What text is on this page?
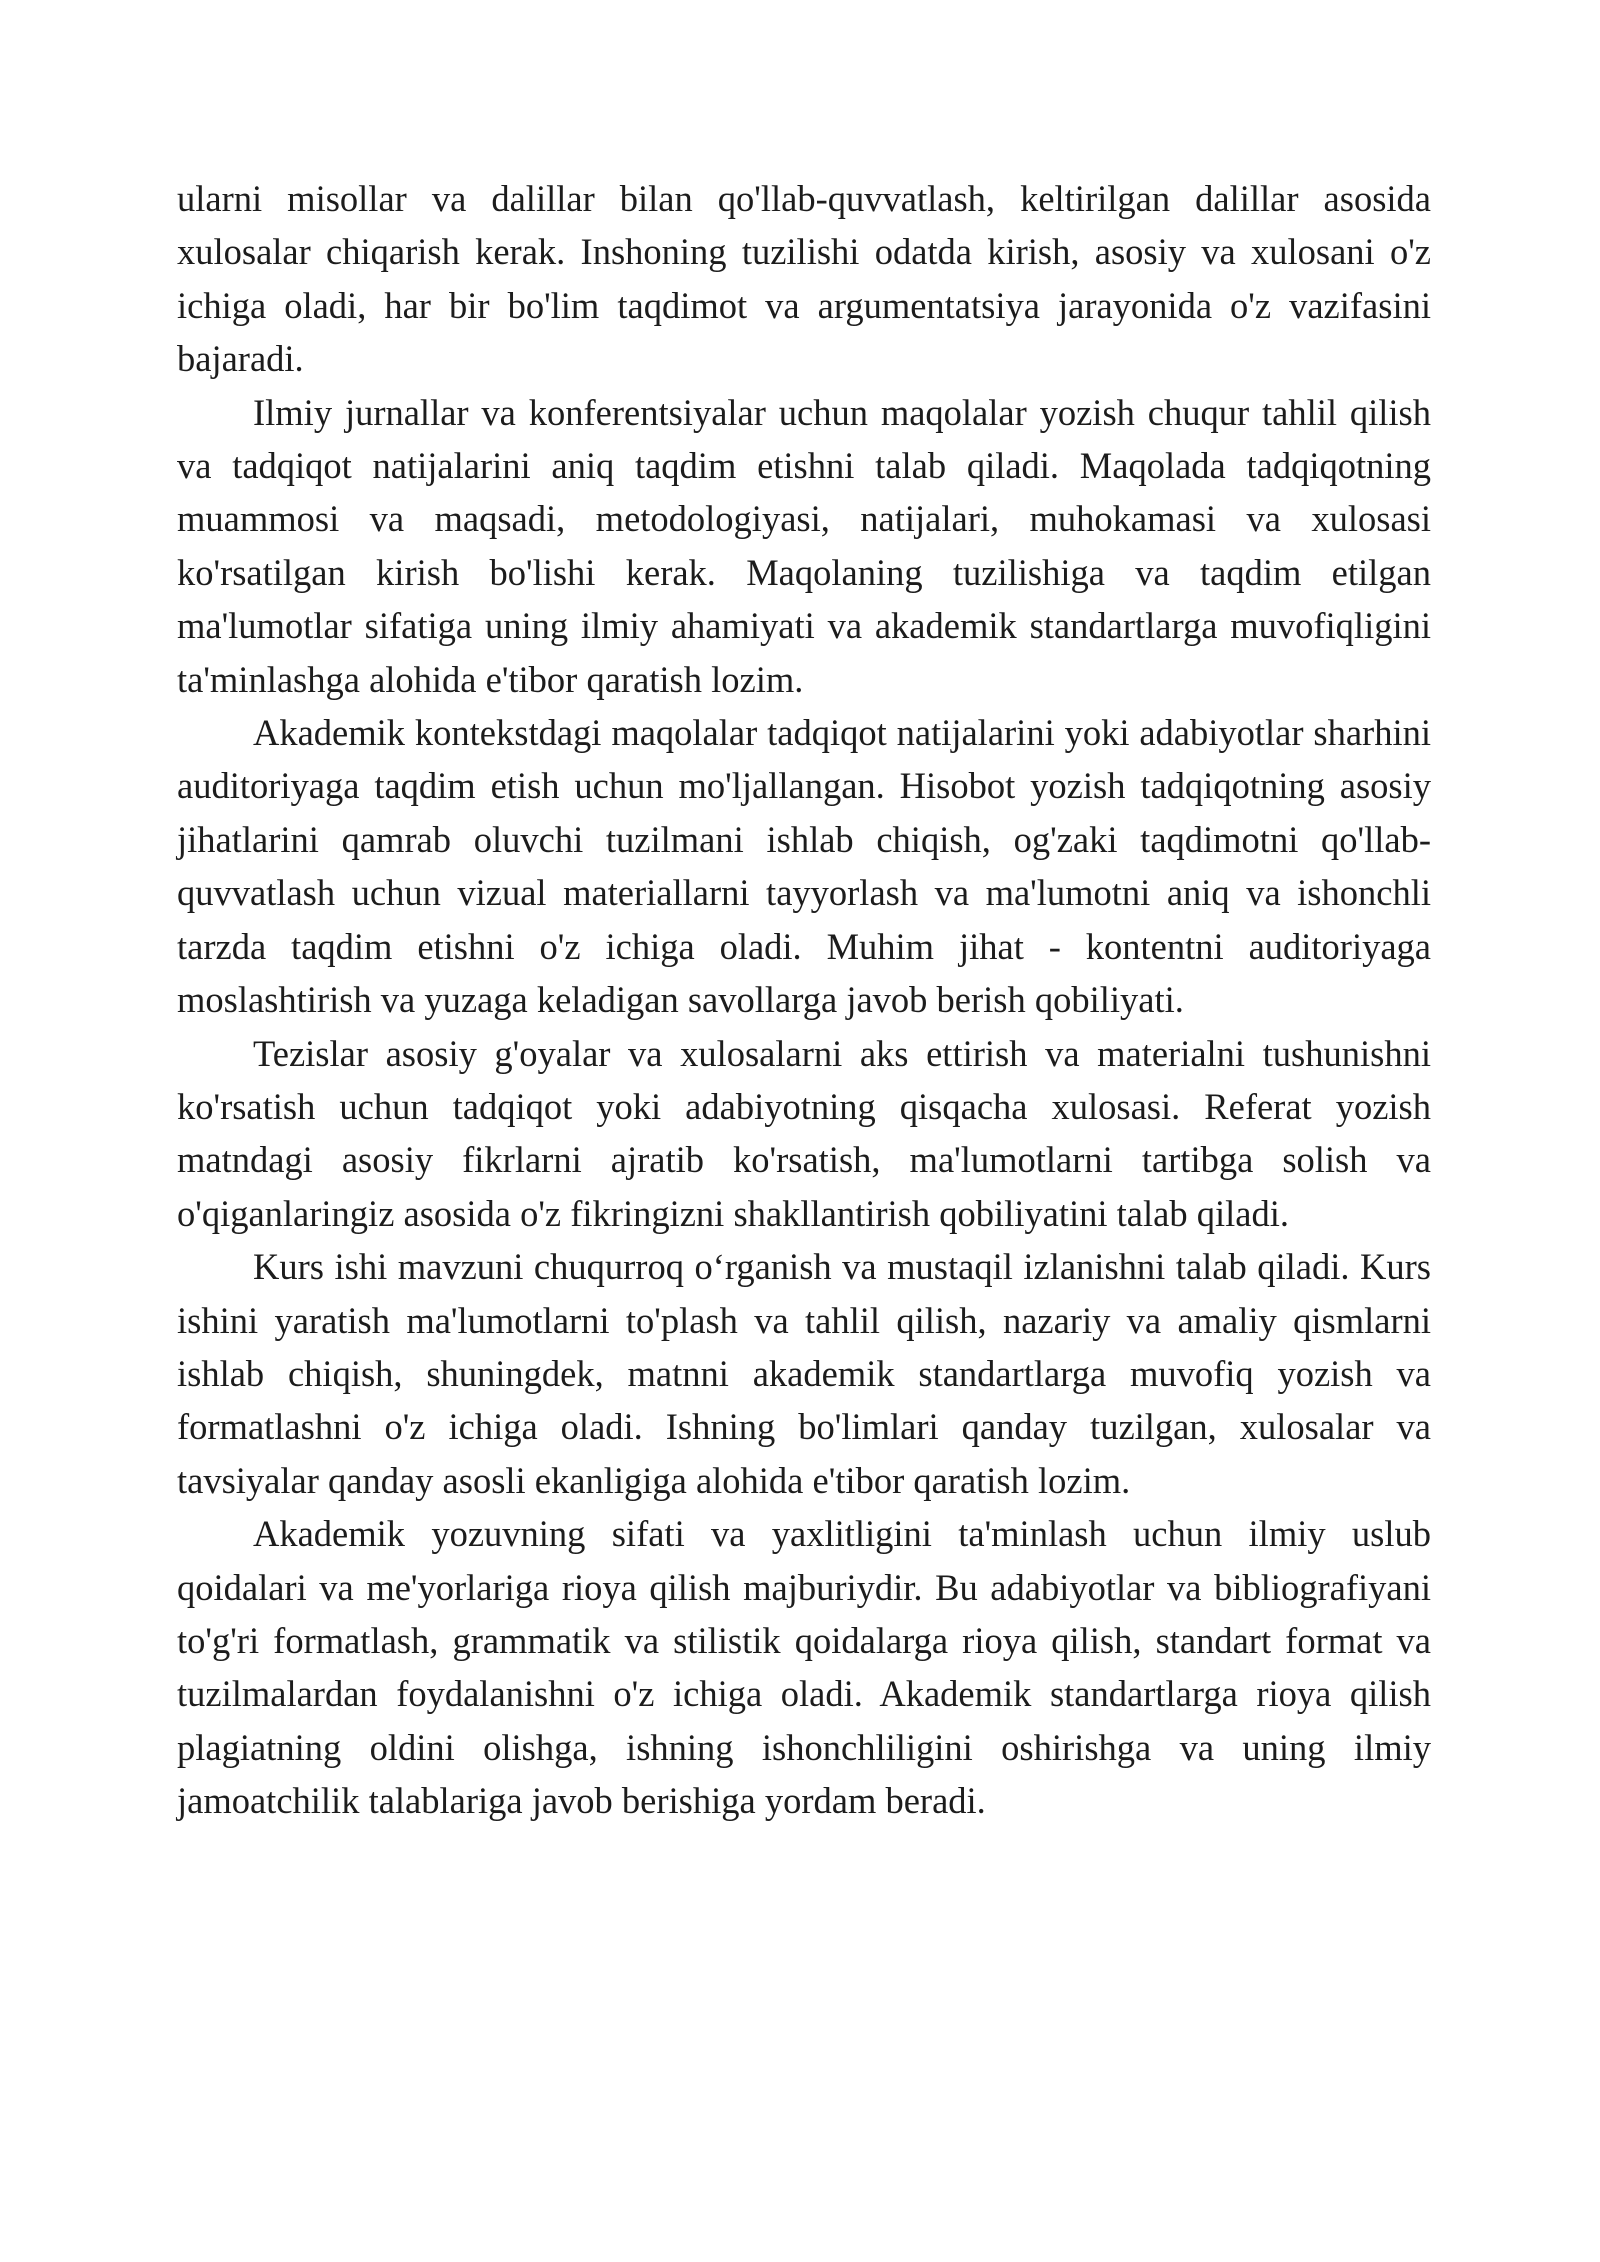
ularni misollar va dalillar bilan qo'llab-quvvatlash, keltirilgan dalillar asosida xulosalar chiqarish kerak. Inshoning tuzilishi odatda kirish, asosiy va xulosani o'z ichiga oladi, har bir bo'lim taqdimot va argumentatsiya jarayonida o'z vazifasini bajaradi.

Ilmiy jurnallar va konferentsiyalar uchun maqolalar yozish chuqur tahlil qilish va tadqiqot natijalarini aniq taqdim etishni talab qiladi. Maqolada tadqiqotning muammosi va maqsadi, metodologiyasi, natijalari, muhokamasi va xulosasi ko'rsatilgan kirish bo'lishi kerak. Maqolaning tuzilishiga va taqdim etilgan ma'lumotlar sifatiga uning ilmiy ahamiyati va akademik standartlarga muvofiqligini ta'minlashga alohida e'tibor qaratish lozim.

Akademik kontekstdagi maqolalar tadqiqot natijalarini yoki adabiyotlar sharhini auditoriyaga taqdim etish uchun mo'ljallangan. Hisobot yozish tadqiqotning asosiy jihatlarini qamrab oluvchi tuzilmani ishlab chiqish, og'zaki taqdimotni qo'llab-quvvatlash uchun vizual materiallarni tayyorlash va ma'lumotni aniq va ishonchli tarzda taqdim etishni o'z ichiga oladi. Muhim jihat - kontentni auditoriyaga moslashtirish va yuzaga keladigan savollarga javob berish qobiliyati.

Tezislar asosiy g'oyalar va xulosalarni aks ettirish va materialni tushunishni ko'rsatish uchun tadqiqot yoki adabiyotning qisqacha xulosasi. Referat yozish matndagi asosiy fikrlarni ajratib ko'rsatish, ma'lumotlarni tartibga solish va o'qiganlaringiz asosida o'z fikringizni shakllantirish qobiliyatini talab qiladi.

Kurs ishi mavzuni chuqurroq o‘rganish va mustaqil izlanishni talab qiladi. Kurs ishini yaratish ma'lumotlarni to'plash va tahlil qilish, nazariy va amaliy qismlarni ishlab chiqish, shuningdek, matnni akademik standartlarga muvofiq yozish va formatlashni o'z ichiga oladi. Ishning bo'limlari qanday tuzilgan, xulosalar va tavsiyalar qanday asosli ekanligiga alohida e'tibor qaratish lozim.

Akademik yozuvning sifati va yaxlitligini ta'minlash uchun ilmiy uslub qoidalari va me'yorlariga rioya qilish majburiydir. Bu adabiyotlar va bibliografiyani to'g'ri formatlash, grammatik va stilistik qoidalarga rioya qilish, standart format va tuzilmalardan foydalanishni o'z ichiga oladi. Akademik standartlarga rioya qilish plagiatning oldini olishga, ishning ishonchliligini oshirishga va uning ilmiy jamoatchilik talablariga javob berishiga yordam beradi.
